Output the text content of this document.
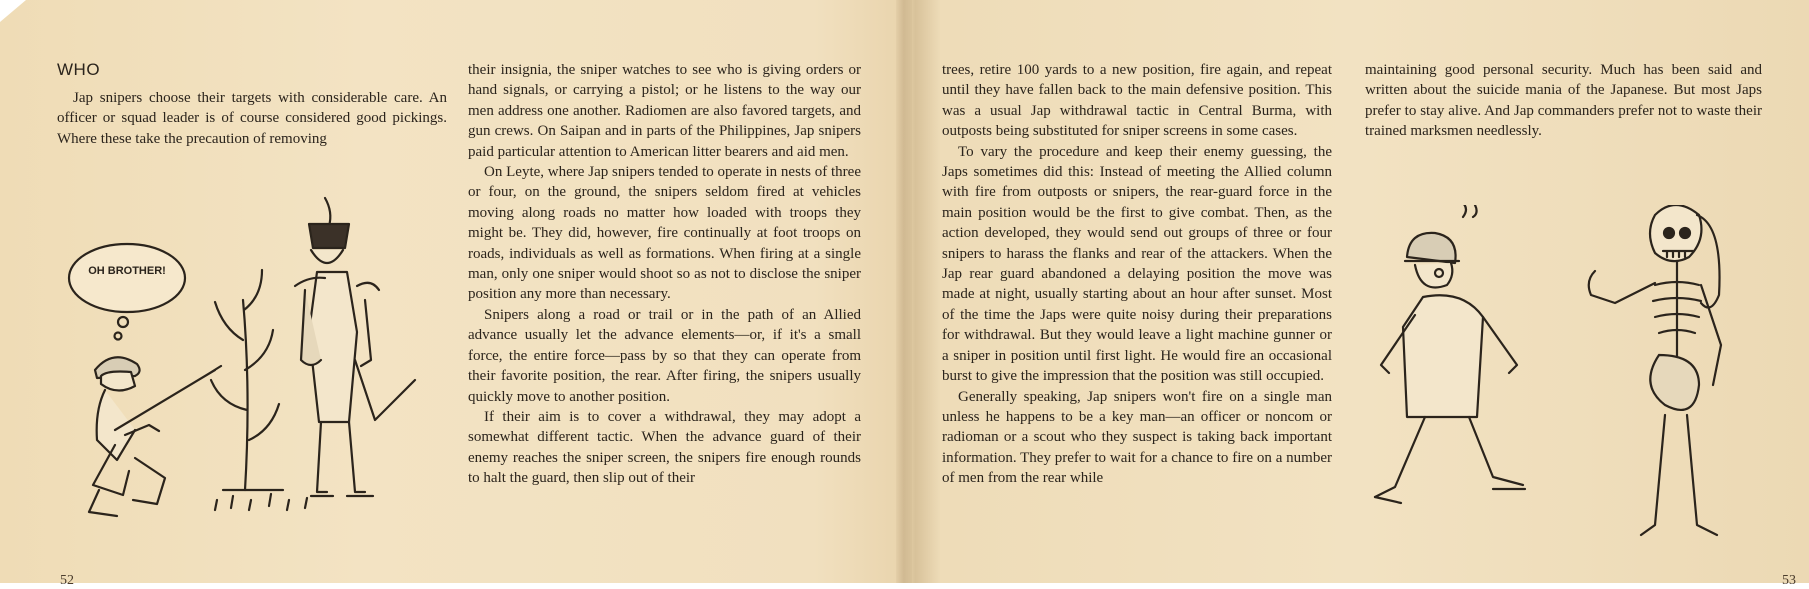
WHO

Jap snipers choose their targets with considerable care. An officer or squad leader is of course considered good pickings. Where these take the precaution of removing

OH BROTHER!

their insignia, the sniper watches to see who is giving orders or hand signals, or carrying a pistol; or he listens to the way our men address one another. Radiomen are also favored targets, and gun crews. On Saipan and in parts of the Philippines, Jap snipers paid particular attention to American litter bearers and aid men.

On Leyte, where Jap snipers tended to operate in nests of three or four, on the ground, the snipers seldom fired at vehicles moving along roads no matter how loaded with troops they might be. They did, however, fire continually at foot troops on roads, individuals as well as formations. When firing at a single man, only one sniper would shoot so as not to disclose the sniper position any more than necessary.

Snipers along a road or trail or in the path of an Allied advance usually let the advance elements—or, if it's a small force, the entire force—pass by so that they can operate from their favorite position, the rear. After firing, the snipers usually quickly move to another position.

If their aim is to cover a withdrawal, they may adopt a somewhat different tactic. When the advance guard of their enemy reaches the sniper screen, the snipers fire enough rounds to halt the guard, then slip out of their

52

trees, retire 100 yards to a new position, fire again, and repeat until they have fallen back to the main defensive position. This was a usual Jap withdrawal tactic in Central Burma, with outposts being substituted for sniper screens in some cases.

To vary the procedure and keep their enemy guessing, the Japs sometimes did this: Instead of meeting the Allied column with fire from outposts or snipers, the rear-guard force in the main position would be the first to give combat. Then, as the action developed, they would send out groups of three or four snipers to harass the flanks and rear of the attackers. When the Jap rear guard abandoned a delaying position the move was made at night, usually starting about an hour after sunset. Most of the time the Japs were quite noisy during their preparations for withdrawal. But they would leave a light machine gunner or a sniper in position until first light. He would fire an occasional burst to give the impression that the position was still occupied.

Generally speaking, Jap snipers won't fire on a single man unless he happens to be a key man—an officer or noncom or radioman or a scout who they suspect is taking back important information. They prefer to wait for a chance to fire on a number of men from the rear while

maintaining good personal security. Much has been said and written about the suicide mania of the Japanese. But most Japs prefer to stay alive. And Jap commanders prefer not to waste their trained marksmen needlessly.

53
